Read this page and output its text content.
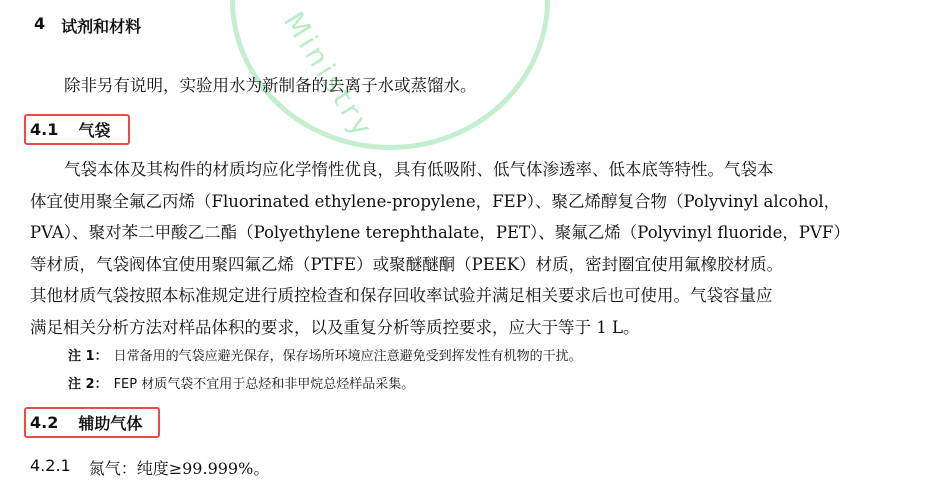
Ministry
4 试剂和材料
除非另有说明，实验用水为新制备的去离子水或蒸馏水。
4.1 气袋
气袋本体及其构件的材质均应化学惰性优良，具有低吸附、低气体渗透率、低本底等特性。气袋本
体宜使用聚全氟乙丙烯（Fluorinated ethylene-propylene，FEP）、聚乙烯醇复合物（Polyvinyl alcohol，
PVA）、聚对苯二甲酸乙二酯（Polyethylene terephthalate，PET）、聚氟乙烯（Polyvinyl fluoride，PVF）
等材质，气袋阀体宜使用聚四氟乙烯（PTFE）或聚醚醚酮（PEEK）材质，密封圈宜使用氟橡胶材质。
其他材质气袋按照本标准规定进行质控检查和保存回收率试验并满足相关要求后也可使用。气袋容量应
满足相关分析方法对样品体积的要求，以及重复分析等质控要求，应大于等于 1 L。
注 1： 日常备用的气袋应避光保存，保存场所环境应注意避免受到挥发性有机物的干扰。
注 2： FEP 材质气袋不宜用于总烃和非甲烷总烃样品采集。
4.2 辅助气体
4.2.1 氮气：纯度≥99.999%。
